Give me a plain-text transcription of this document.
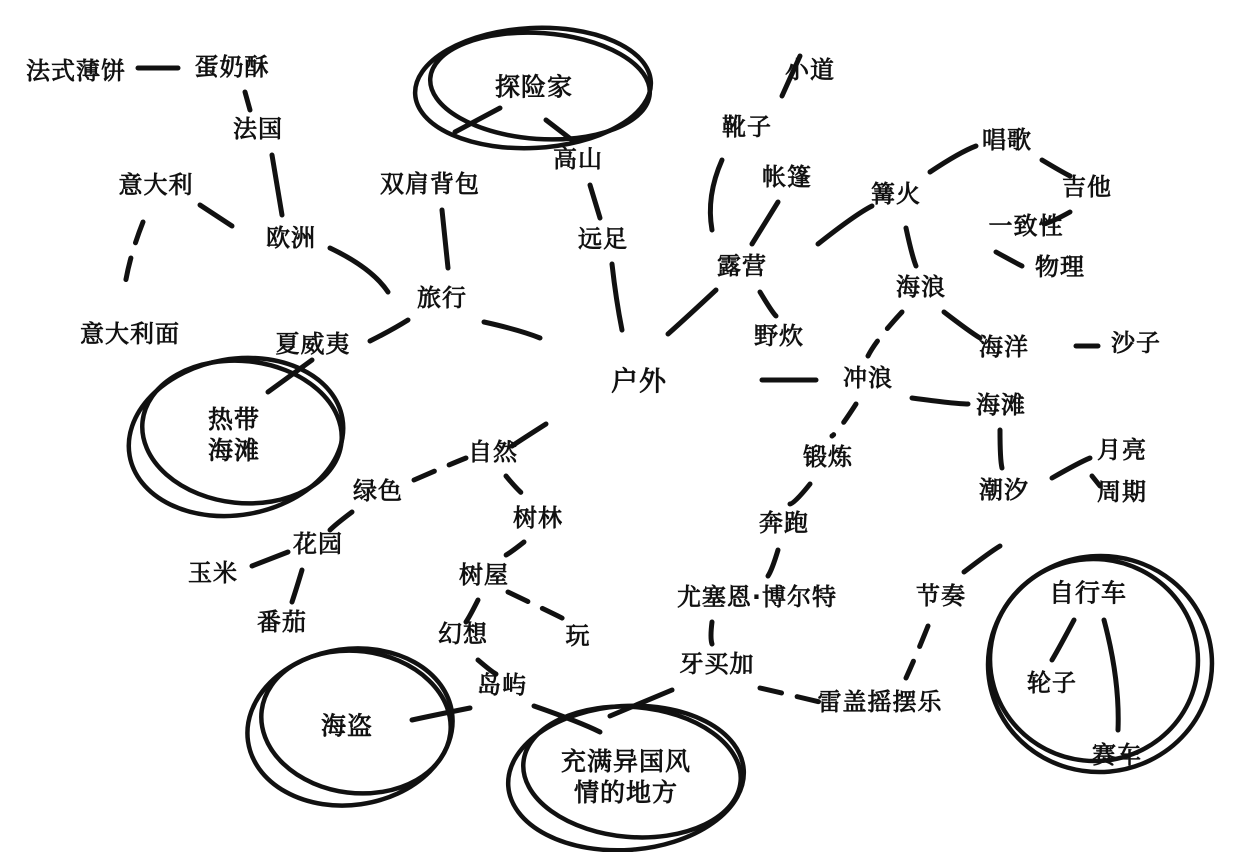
法式薄饼	蛋奶酥
法国
意大利
欧洲
意大利面
探险家
双肩背包
高山
远足
旅行
夏威夷
热带
海滩
绿色
花园
玉米
番茄
自然
树林
树屋
幻想	玩
岛屿
海盗
充满异国风
情的地方
户外
小道
靴子
帐篷
露营
野炊
篝火
唱歌
吉他
一致性
物理
海浪
海洋	沙子
冲浪
海滩
锻炼
潮汐
月亮
周期
奔跑
尤塞恩·博尔特
牙买加
雷盖摇摆乐
节奏	自行车
轮子
赛车
